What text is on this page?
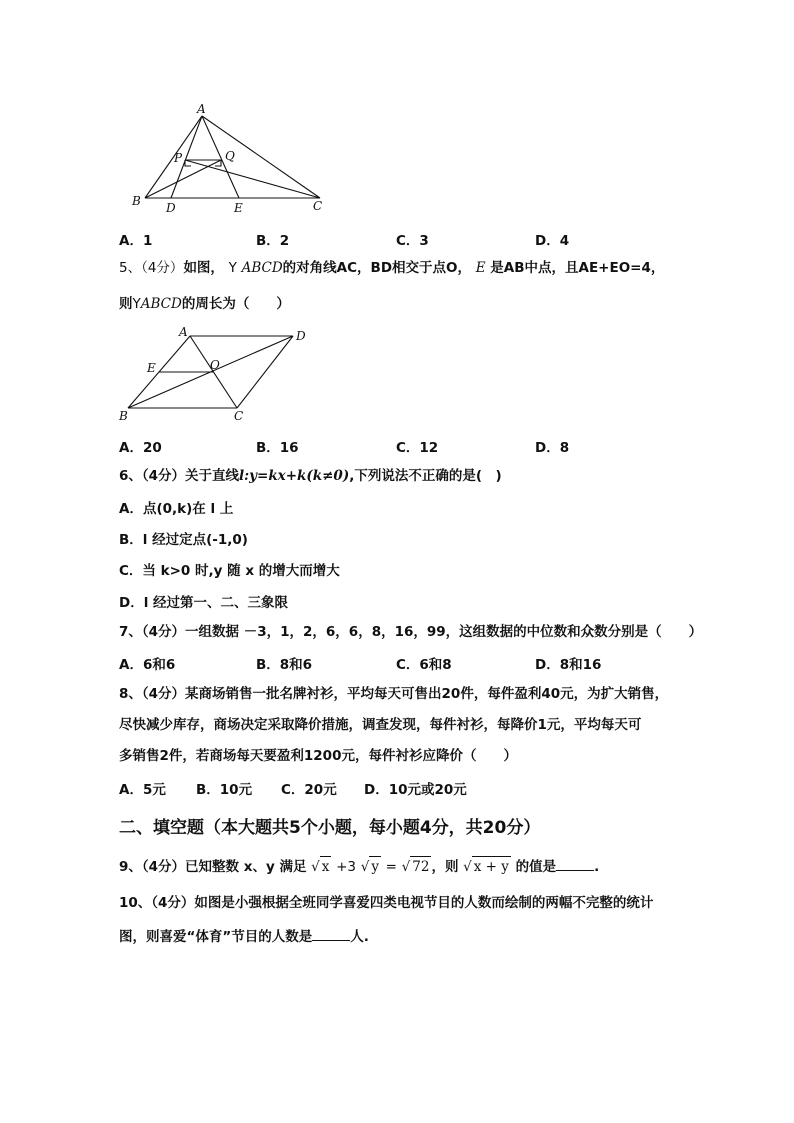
A
P	Q
B D	E	C
A．1	B．2	C．3	D．4
5、（4分）如图， Y ABCD的对角线AC，BD相交于点O， E 是AB中点，且AE+EO=4，
则YABCD的周长为（　　）
A	D
E	O
B	C
A．20	B．16	C．12	D．8
6、（4分）关于直线l:y=kx+k(k≠0),下列说法不正确的是(　)
A．点(0,k)在 l 上
B．l 经过定点(-1,0)
C．当 k>0 时,y 随 x 的增大而增大
D．l 经过第一、二、三象限
7、（4分）一组数据 －3，1，2，6，6，8，16，99，这组数据的中位数和众数分别是（　　）
A．6和6	B．8和6	C．6和8	D．8和16
8、（4分）某商场销售一批名牌衬衫，平均每天可售出20件，每件盈利40元，为扩大销售，
尽快减少库存，商场决定采取降价措施，调查发现，每件衬衫，每降价1元，平均每天可
多销售2件，若商场每天要盈利1200元，每件衬衫应降价（　　）
A．5元 B．10元 C．20元 D．10元或20元
二、填空题（本大题共5个小题，每小题4分，共20分）
9、（4分）已知整数 x、y 满足 √ x +3 √ y = √ 72 ，则 √ x + y 的值是	.
10、（4分）如图是小强根据全班同学喜爱四类电视节目的人数而绘制的两幅不完整的统计
图，则喜爱“体育”节目的人数是	人.
